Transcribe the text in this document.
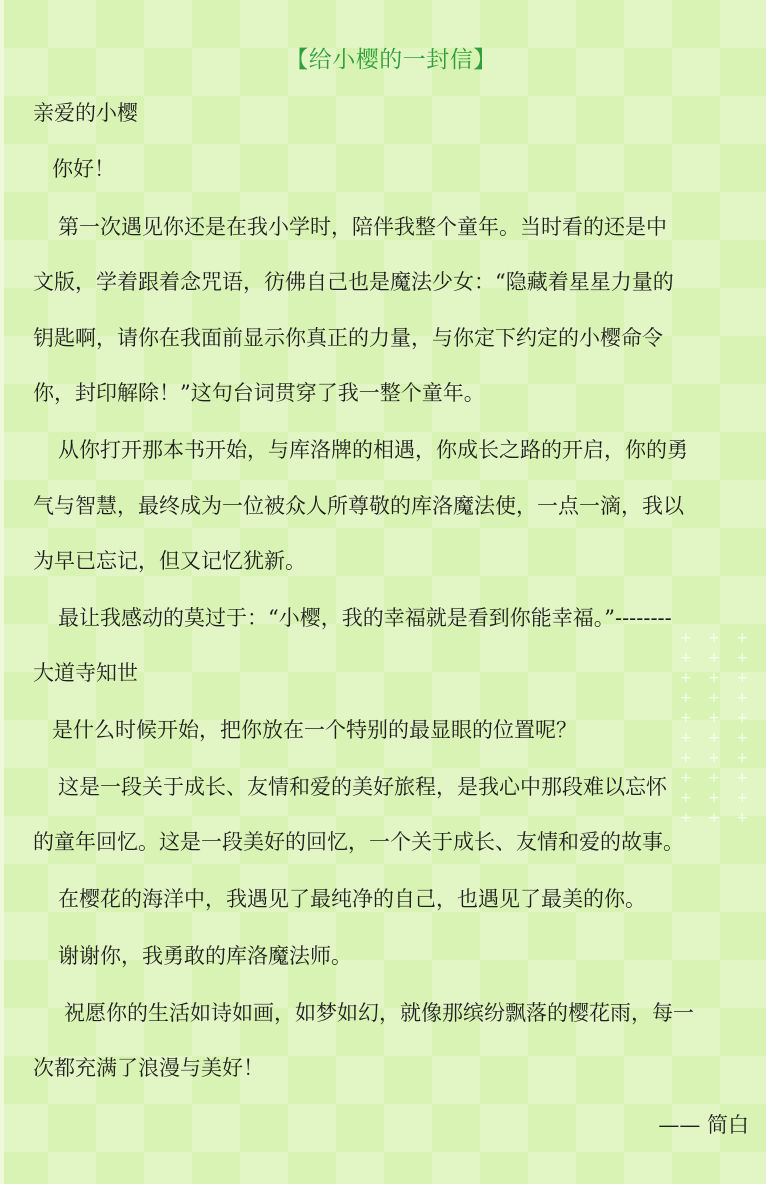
+ + +
+ + +
+ + +
+ + +
+ + +
+ + +
+ + +
+ + +
+ + +
+ + +
【给小樱的一封信】
亲爱的小樱
你好！
第一次遇见你还是在我小学时，陪伴我整个童年。当时看的还是中
文版，学着跟着念咒语，彷佛自己也是魔法少女：“隐藏着星星力量的
钥匙啊，请你在我面前显示你真正的力量，与你定下约定的小樱命令
你，封印解除！”这句台词贯穿了我一整个童年。
从你打开那本书开始，与库洛牌的相遇，你成长之路的开启，你的勇
气与智慧，最终成为一位被众人所尊敬的库洛魔法使，一点一滴，我以
为早已忘记，但又记忆犹新。
最让我感动的莫过于：“小樱，我的幸福就是看到你能幸福。”--------
大道寺知世
是什么时候开始，把你放在一个特别的最显眼的位置呢？
这是一段关于成长、友情和爱的美好旅程，是我心中那段难以忘怀
的童年回忆。这是一段美好的回忆，一个关于成长、友情和爱的故事。
在樱花的海洋中，我遇见了最纯净的自己，也遇见了最美的你。
谢谢你，我勇敢的库洛魔法师。
祝愿你的生活如诗如画，如梦如幻，就像那缤纷飘落的樱花雨，每一
次都充满了浪漫与美好！
—— 简白
